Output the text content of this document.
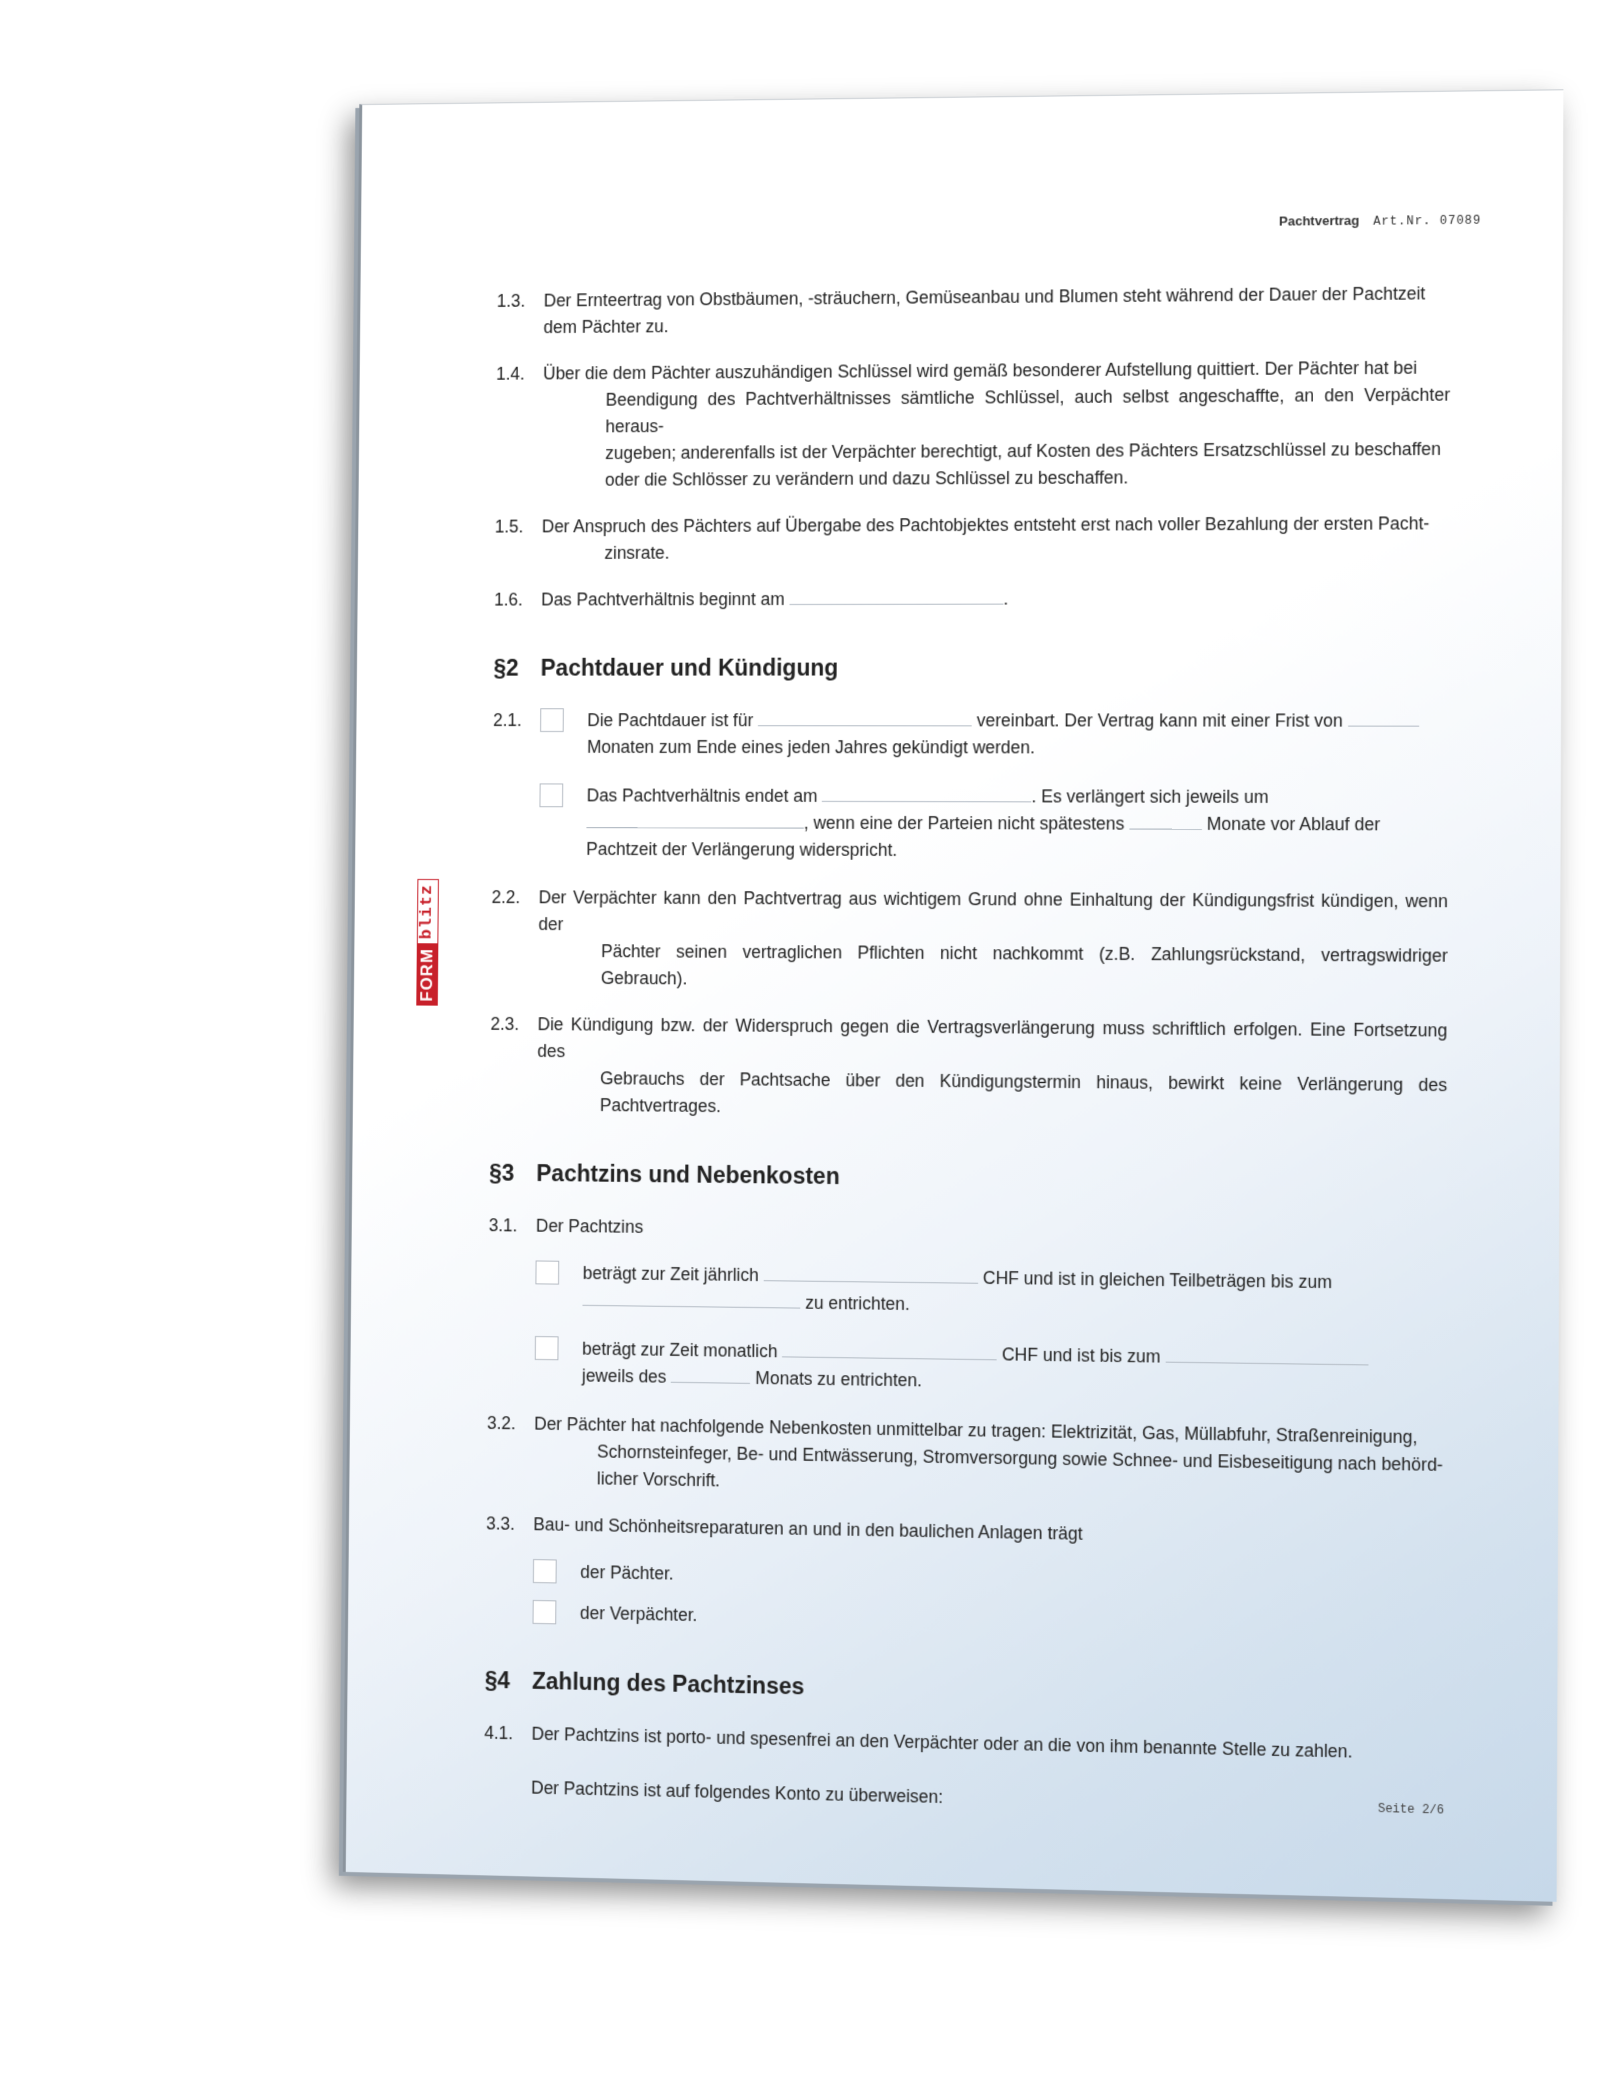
Pachtvertrag Art.Nr. 07089
FORM
blitz
1.3.	Der Ernteertrag von Obstbäumen, -sträuchern, Gemüseanbau und Blumen steht während der Dauer der Pachtzeit
dem Pächter zu.
1.4.	Über die dem Pächter auszuhändigen Schlüssel wird gemäß besonderer Aufstellung quittiert. Der Pächter hat bei
Beendigung des Pachtverhältnisses sämtliche Schlüssel, auch selbst angeschaffte, an den Verpächter heraus-
zugeben; anderenfalls ist der Verpächter berechtigt, auf Kosten des Pächters Ersatzschlüssel zu beschaffen
oder die Schlösser zu verändern und dazu Schlüssel zu beschaffen.
1.5.	Der Anspruch des Pächters auf Übergabe des Pachtobjektes entsteht erst nach voller Bezahlung der ersten Pacht-
zinsrate.
1.6.	Das Pachtverhältnis beginnt am	.
§2 Pachtdauer und Kündigung
2.1.	Die Pachtdauer ist für	vereinbart. Der Vertrag kann mit einer Frist von
Monaten zum Ende eines jeden Jahres gekündigt werden.
Das Pachtverhältnis endet am	. Es verlängert sich jeweils um
, wenn eine der Parteien nicht spätestens	Monate vor Ablauf der
Pachtzeit der Verlängerung widerspricht.
2.2.	Der Verpächter kann den Pachtvertrag aus wichtigem Grund ohne Einhaltung der Kündigungsfrist kündigen, wenn der
Pächter seinen vertraglichen Pflichten nicht nachkommt (z.B. Zahlungsrückstand, vertragswidriger Gebrauch).
2.3.	Die Kündigung bzw. der Widerspruch gegen die Vertragsverlängerung muss schriftlich erfolgen. Eine Fortsetzung des
Gebrauchs der Pachtsache über den Kündigungstermin hinaus, bewirkt keine Verlängerung des Pachtvertrages.
§3 Pachtzins und Nebenkosten
3.1.	Der Pachtzins
beträgt zur Zeit jährlich	CHF und ist in gleichen Teilbeträgen bis zum
zu entrichten.
beträgt zur Zeit monatlich	CHF und ist bis zum
jeweils des	Monats zu entrichten.
3.2.	Der Pächter hat nachfolgende Nebenkosten unmittelbar zu tragen: Elektrizität, Gas, Müllabfuhr, Straßenreinigung,
Schornsteinfeger, Be- und Entwässerung, Stromversorgung sowie Schnee- und Eisbeseitigung nach behörd-
licher Vorschrift.
3.3.	Bau- und Schönheitsreparaturen an und in den baulichen Anlagen trägt
der Pächter.
der Verpächter.
§4 Zahlung des Pachtzinses
4.1.	Der Pachtzins ist porto- und spesenfrei an den Verpächter oder an die von ihm benannte Stelle zu zahlen.

Der Pachtzins ist auf folgendes Konto zu überweisen:
Seite 2/6
